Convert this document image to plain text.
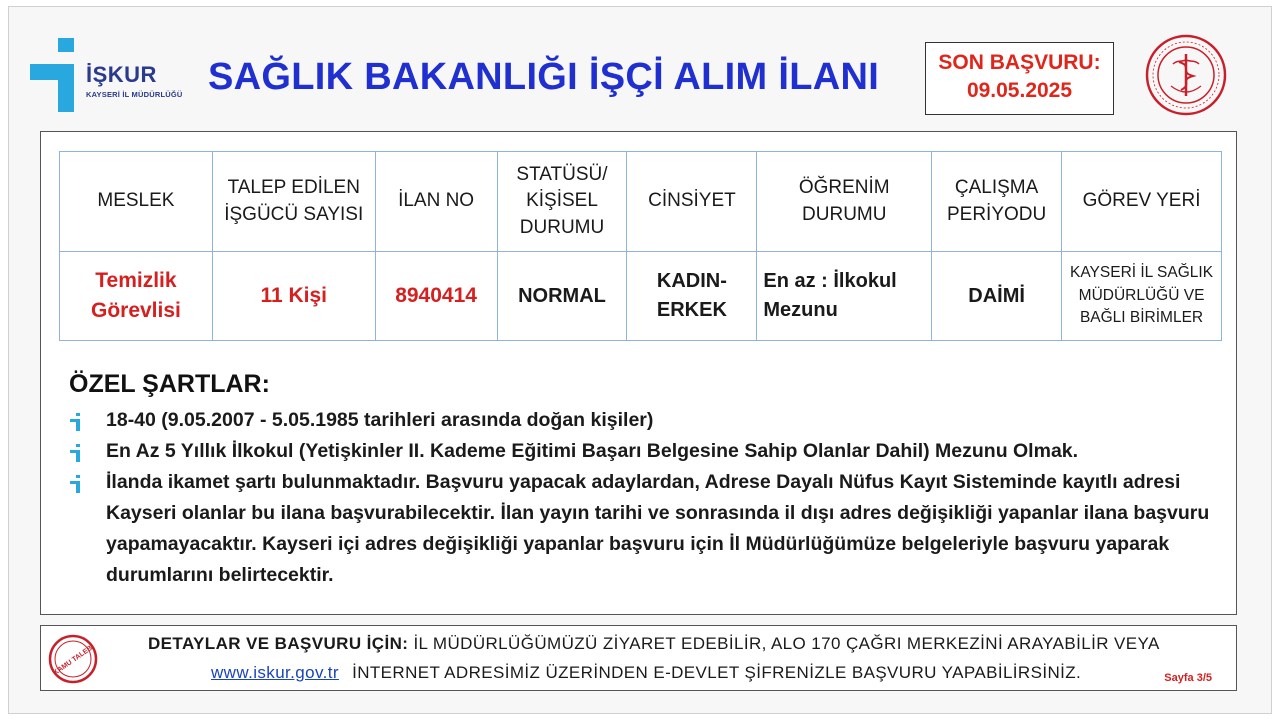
İŞKUR
KAYSERİ İL MÜDÜRLÜĞÜ SAĞLIK BAKANLIĞI İŞÇİ ALIM İLANI	SON BAŞVURU:
09.05.2025
MESLEK	TALEP EDİLEN İŞGÜCÜ SAYISI	İLAN NO	STATÜSÜ/ KİŞİSEL DURUMU	CİNSİYET	ÖĞRENİM DURUMU	ÇALIŞMA PERİYODU	GÖREV YERİ
Temizlik Görevlisi	11 Kişi	8940414	NORMAL	KADIN-ERKEK	En az : İlkokul Mezunu	DAİMİ	KAYSERİ İL SAĞLIK MÜDÜRLÜĞÜ VE BAĞLI BİRİMLER
ÖZEL ŞARTLAR:
18-40 (9.05.2007 - 5.05.1985 tarihleri arasında doğan kişiler)
En Az 5 Yıllık İlkokul (Yetişkinler II. Kademe Eğitimi Başarı Belgesine Sahip Olanlar Dahil) Mezunu Olmak.
İlanda ikamet şartı bulunmaktadır. Başvuru yapacak adaylardan, Adrese Dayalı Nüfus Kayıt Sisteminde kayıtlı adresi Kayseri olanlar bu ilana başvurabilecektir. İlan yayın tarihi ve sonrasında il dışı adres değişikliği yapanlar ilana başvuru yapamayacaktır. Kayseri içi adres değişikliği yapanlar başvuru için İl Müdürlüğümüze belgeleriyle başvuru yaparak durumlarını belirtecektir.
KAMU TALEBİ
DETAYLAR VE BAŞVURU İÇİN: İL MÜDÜRLÜĞÜMÜZÜ ZİYARET EDEBİLİR, ALO 170 ÇAĞRI MERKEZİNİ ARAYABİLİR VEYA
www.iskur.gov.tr İNTERNET ADRESİMİZ ÜZERİNDEN E-DEVLET ŞİFRENİZLE BAŞVURU YAPABİLİRSİNİZ.	Sayfa 3/5
